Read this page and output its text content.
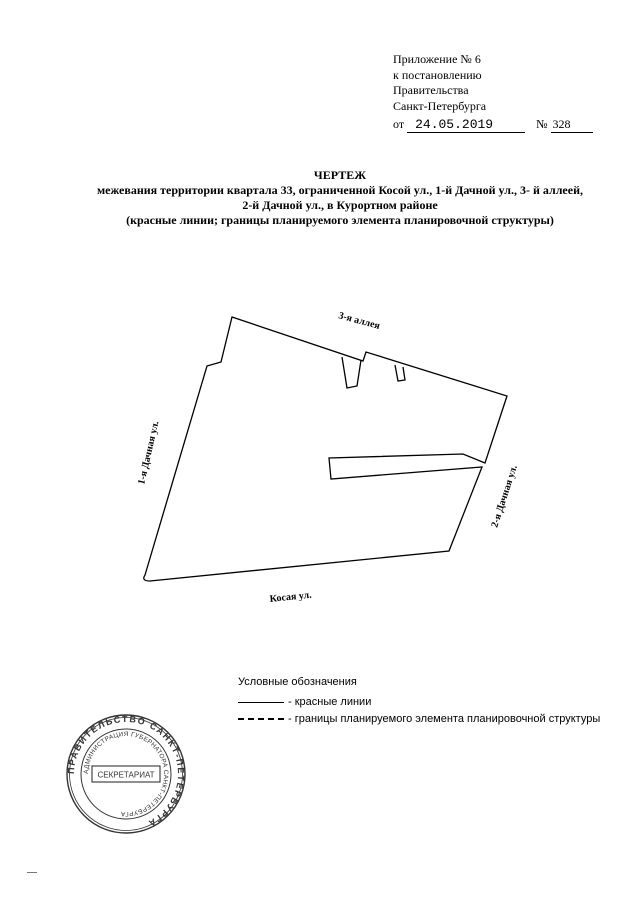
Приложение № 6
к постановлению
Правительства
Санкт-Петербурга
от 24.05.2019	№ 328
ЧЕРТЕЖ
межевания территории квартала 33, ограниченной Косой ул., 1-й Дачной ул., 3- й аллеей,
2-й Дачной ул., в Курортном районе
(красные линии; границы планируемого элемента планировочной структуры)
3-я аллея
1-я Дачная ул.
2-я Дачная ул.
Косая ул.
Условные обозначения
- красные линии
- границы планируемого элемента планировочной структуры
ПРАВИТЕЛЬСТВО САНКТ-ПЕТЕРБУРГА
АДМИНИСТРАЦИЯ ГУБЕРНАТОРА САНКТ-ПЕТЕРБУРГА
СЕКРЕТАРИАТ
